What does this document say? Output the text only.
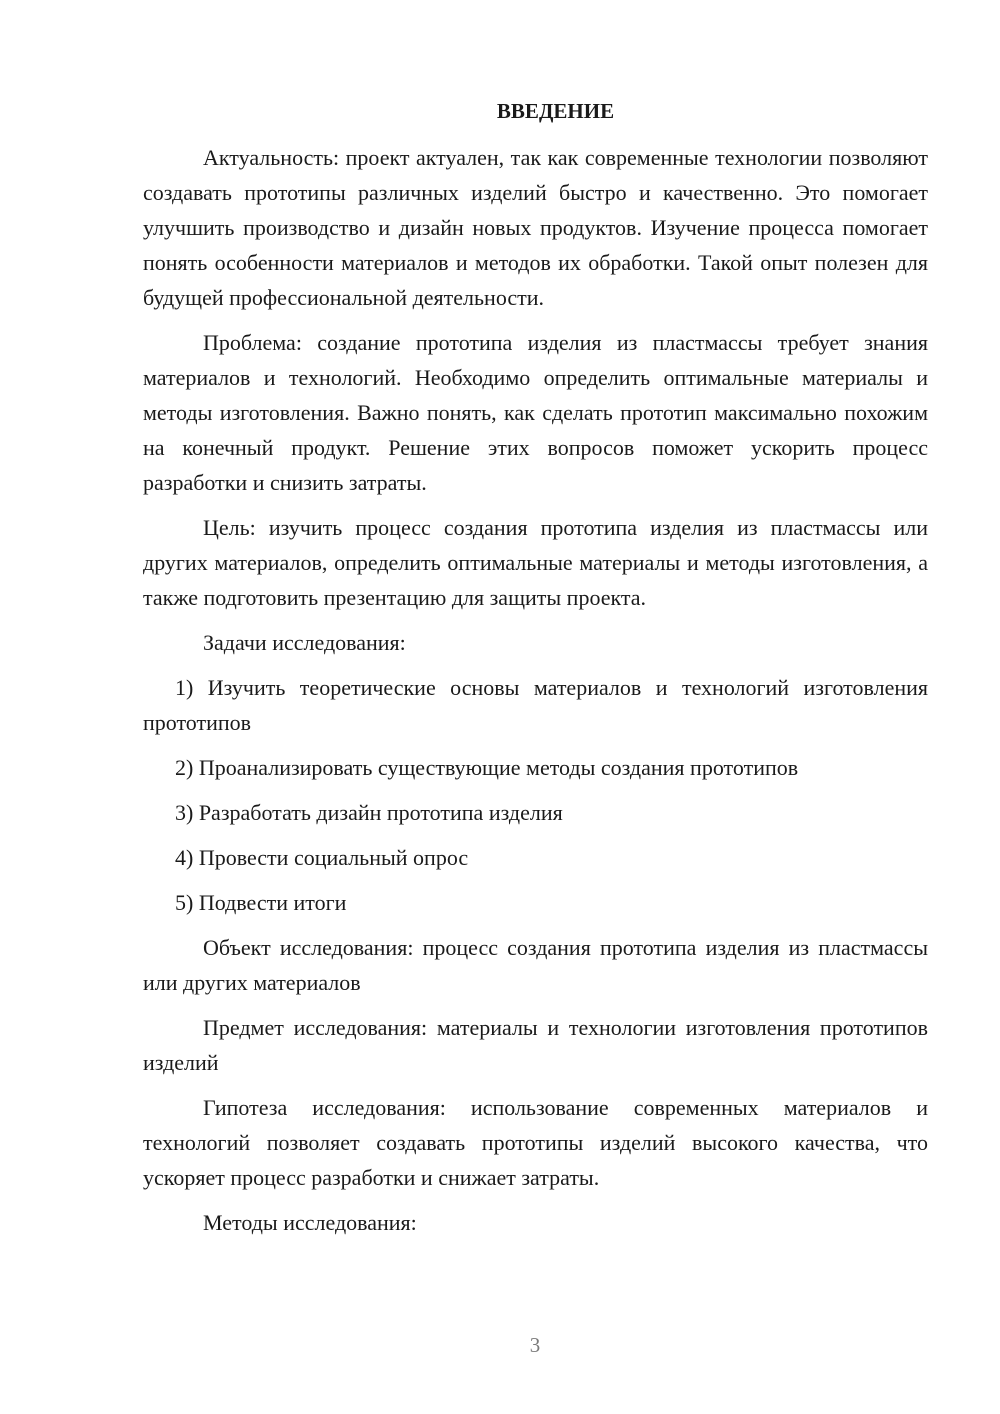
ВВЕДЕНИЕ

Актуальность: проект актуален, так как современные технологии позволяют создавать прототипы различных изделий быстро и качественно. Это помогает улучшить производство и дизайн новых продуктов. Изучение процесса помогает понять особенности материалов и методов их обработки. Такой опыт полезен для будущей профессиональной деятельности.

Проблема: создание прототипа изделия из пластмассы требует знания материалов и технологий. Необходимо определить оптимальные материалы и методы изготовления. Важно понять, как сделать прототип максимально похожим на конечный продукт. Решение этих вопросов поможет ускорить процесс разработки и снизить затраты.

Цель: изучить процесс создания прототипа изделия из пластмассы или других материалов, определить оптимальные материалы и методы изготовления, а также подготовить презентацию для защиты проекта.

Задачи исследования:

1) Изучить теоретические основы материалов и технологий изготовления прототипов

2) Проанализировать существующие методы создания прототипов

3) Разработать дизайн прототипа изделия

4) Провести социальный опрос

5) Подвести итоги

Объект исследования: процесс создания прототипа изделия из пластмассы или других материалов

Предмет исследования: материалы и технологии изготовления прототипов изделий

Гипотеза исследования: использование современных материалов и технологий позволяет создавать прототипы изделий высокого качества, что ускоряет процесс разработки и снижает затраты.

Методы исследования:

3
